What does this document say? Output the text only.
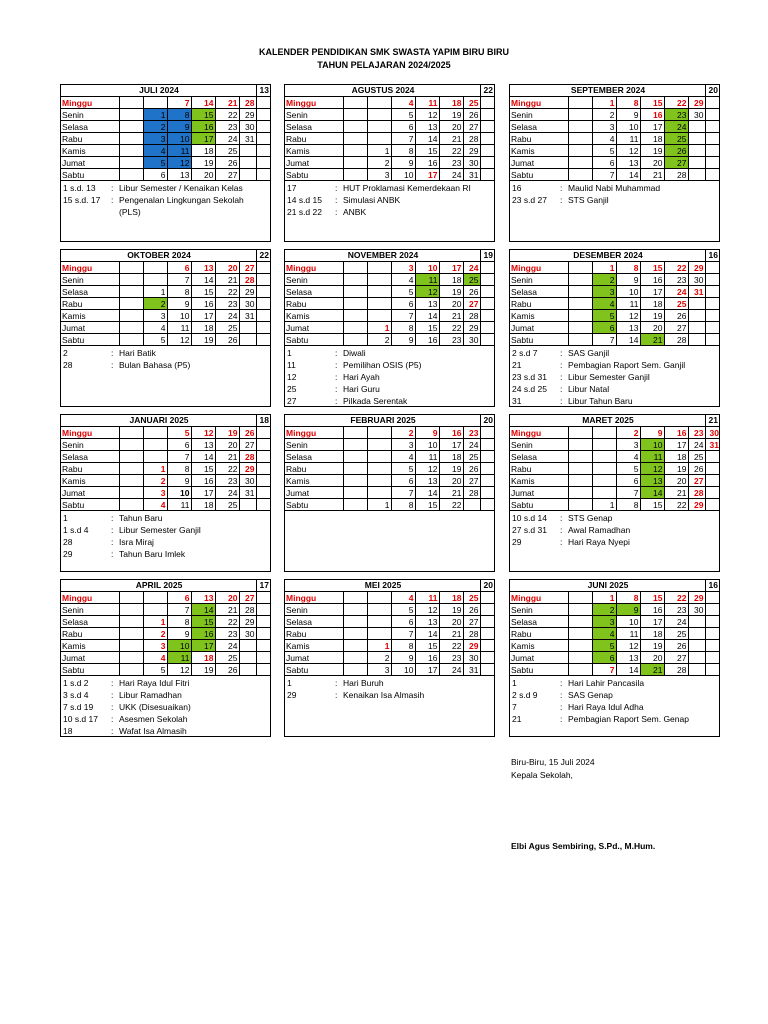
KALENDER PENDIDIKAN SMK SWASTA YAPIM BIRU BIRU
TAHUN PELAJARAN 2024/2025
JULI 2024	13
Minggu			7	14	21	28	
Senin		1	8	15	22	29	
Selasa		2	9	16	23	30	
Rabu		3	10	17	24	31	
Kamis		4	11	18	25		
Jumat		5	12	19	26		
Sabtu		6	13	20	27		
1 s.d. 13	: Libur Semester / Kenaikan Kelas
15 s.d. 17	: Pengenalan Lingkungan Sekolah
(PLS)
AGUSTUS 2024	22
Minggu			4	11	18	25	
Senin			5	12	19	26	
Selasa			6	13	20	27	
Rabu			7	14	21	28	
Kamis		1	8	15	22	29	
Jumat		2	9	16	23	30	
Sabtu		3	10	17	24	31	
17	: HUT Proklamasi Kemerdekaan RI
14 s.d 15	: Simulasi ANBK
21 s.d 22	: ANBK
SEPTEMBER 2024	20
Minggu		1	8	15	22	29	
Senin		2	9	16	23	30	
Selasa		3	10	17	24		
Rabu		4	11	18	25		
Kamis		5	12	19	26		
Jumat		6	13	20	27		
Sabtu		7	14	21	28		
16	: Maulid Nabi Muhammad
23 s.d 27	: STS Ganjil
OKTOBER 2024	22
Minggu			6	13	20	27	
Senin			7	14	21	28	
Selasa		1	8	15	22	29	
Rabu		2	9	16	23	30	
Kamis		3	10	17	24	31	
Jumat		4	11	18	25		
Sabtu		5	12	19	26		
2	: Hari Batik
28	: Bulan Bahasa (P5)
NOVEMBER 2024	19
Minggu			3	10	17	24	
Senin			4	11	18	25	
Selasa			5	12	19	26	
Rabu			6	13	20	27	
Kamis			7	14	21	28	
Jumat		1	8	15	22	29	
Sabtu		2	9	16	23	30	
1	: Diwali
11	: Pemilihan OSIS (P5)
12	: Hari Ayah
25	: Hari Guru
27	: Pilkada Serentak
DESEMBER 2024	16
Minggu		1	8	15	22	29	
Senin		2	9	16	23	30	
Selasa		3	10	17	24	31	
Rabu		4	11	18	25		
Kamis		5	12	19	26		
Jumat		6	13	20	27		
Sabtu		7	14	21	28		
2 s.d 7	: SAS Ganjil
21	: Pembagian Raport Sem. Ganjil
23 s.d 31	: Libur Semester Ganjil
24 s.d 25	: Libur Natal
31	: Libur Tahun Baru
JANUARI 2025	18
Minggu			5	12	19	26	
Senin			6	13	20	27	
Selasa			7	14	21	28	
Rabu		1	8	15	22	29	
Kamis		2	9	16	23	30	
Jumat		3	10	17	24	31	
Sabtu		4	11	18	25		
1	: Tahun Baru
1 s.d 4	: Libur Semester Ganjil
28	: Isra Miraj
29	: Tahun Baru Imlek
FEBRUARI 2025	20
Minggu			2	9	16	23	
Senin			3	10	17	24	
Selasa			4	11	18	25	
Rabu			5	12	19	26	
Kamis			6	13	20	27	
Jumat			7	14	21	28	
Sabtu		1	8	15	22		
MARET 2025	21
Minggu			2	9	16	23	30
Senin			3	10	17	24	31
Selasa			4	11	18	25	
Rabu			5	12	19	26	
Kamis			6	13	20	27	
Jumat			7	14	21	28	
Sabtu		1	8	15	22	29	
10 s.d 14	: STS Genap
27 s.d 31	: Awal Ramadhan
29	: Hari Raya Nyepi
APRIL 2025	17
Minggu			6	13	20	27	
Senin			7	14	21	28	
Selasa		1	8	15	22	29	
Rabu		2	9	16	23	30	
Kamis		3	10	17	24		
Jumat		4	11	18	25		
Sabtu		5	12	19	26		
1 s.d 2	: Hari Raya Idul Fitri
3 s.d 4	: Libur Ramadhan
7 s.d 19	: UKK (Disesuaikan)
10 s.d 17	: Asesmen Sekolah
18	: Wafat Isa Almasih
MEI 2025	20
Minggu			4	11	18	25	
Senin			5	12	19	26	
Selasa			6	13	20	27	
Rabu			7	14	21	28	
Kamis		1	8	15	22	29	
Jumat		2	9	16	23	30	
Sabtu		3	10	17	24	31	
1	: Hari Buruh
29	: Kenaikan Isa Almasih
JUNI 2025	16
Minggu		1	8	15	22	29	
Senin		2	9	16	23	30	
Selasa		3	10	17	24		
Rabu		4	11	18	25		
Kamis		5	12	19	26		
Jumat		6	13	20	27		
Sabtu		7	14	21	28		
1	: Hari Lahir Pancasila
2 s.d 9	: SAS Genap
7	: Hari Raya Idul Adha
21	: Pembagian Raport Sem. Genap
Biru-Biru, 15 Juli 2024
Kepala Sekolah,
Elbi Agus Sembiring, S.Pd., M.Hum.
